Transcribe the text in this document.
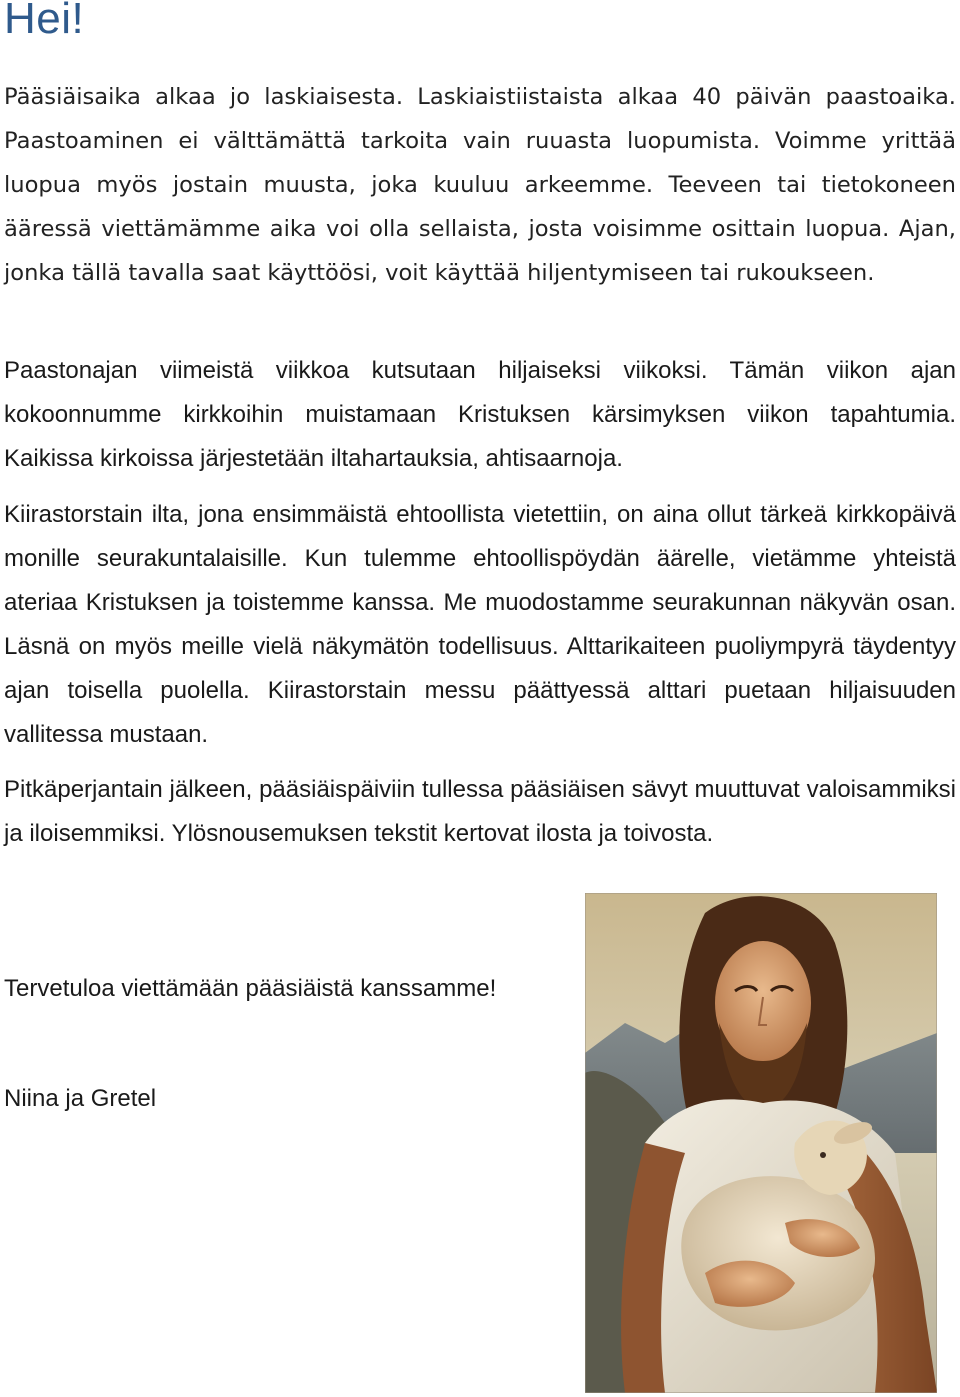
Hei!

Pääsiäisaika alkaa jo laskiaisesta. Laskiaistiistaista alkaa 40 päivän paastoaika. Paastoaminen ei välttämättä tarkoita vain ruuasta luopumista. Voimme yrittää luopua myös jostain muusta, joka kuuluu arkeemme. Teeveen tai tietokoneen ääressä viettämämme aika voi olla sellaista, josta voisimme osittain luopua. Ajan, jonka tällä tavalla saat käyttöösi, voit käyttää hiljentymiseen tai rukoukseen.

Paastonajan viimeistä viikkoa kutsutaan hiljaiseksi viikoksi. Tämän viikon ajan kokoonnumme kirkkoihin muistamaan Kristuksen kärsimyksen viikon tapahtumia. Kaikissa kirkoissa järjestetään iltahartauksia, ahtisaarnoja.

Kiirastorstain ilta, jona ensimmäistä ehtoollista vietettiin, on aina ollut tärkeä kirkkopäivä monille seurakuntalaisille. Kun tulemme ehtoollispöydän äärelle, vietämme yhteistä ateriaa Kristuksen ja toistemme kanssa. Me muodostamme seurakunnan näkyvän osan. Läsnä on myös meille vielä näkymätön todellisuus. Alttarikaiteen puoliympyrä täydentyy ajan toisella puolella. Kiirastorstain messu päättyessä alttari puetaan hiljaisuuden vallitessa mustaan.

Pitkäperjantain jälkeen, pääsiäispäiviin tullessa pääsiäisen sävyt muuttuvat valoisammiksi ja iloisemmiksi. Ylösnousemuksen tekstit kertovat ilosta ja toivosta.

Tervetuloa viettämään pääsiäistä kanssamme!

Niina ja Gretel
